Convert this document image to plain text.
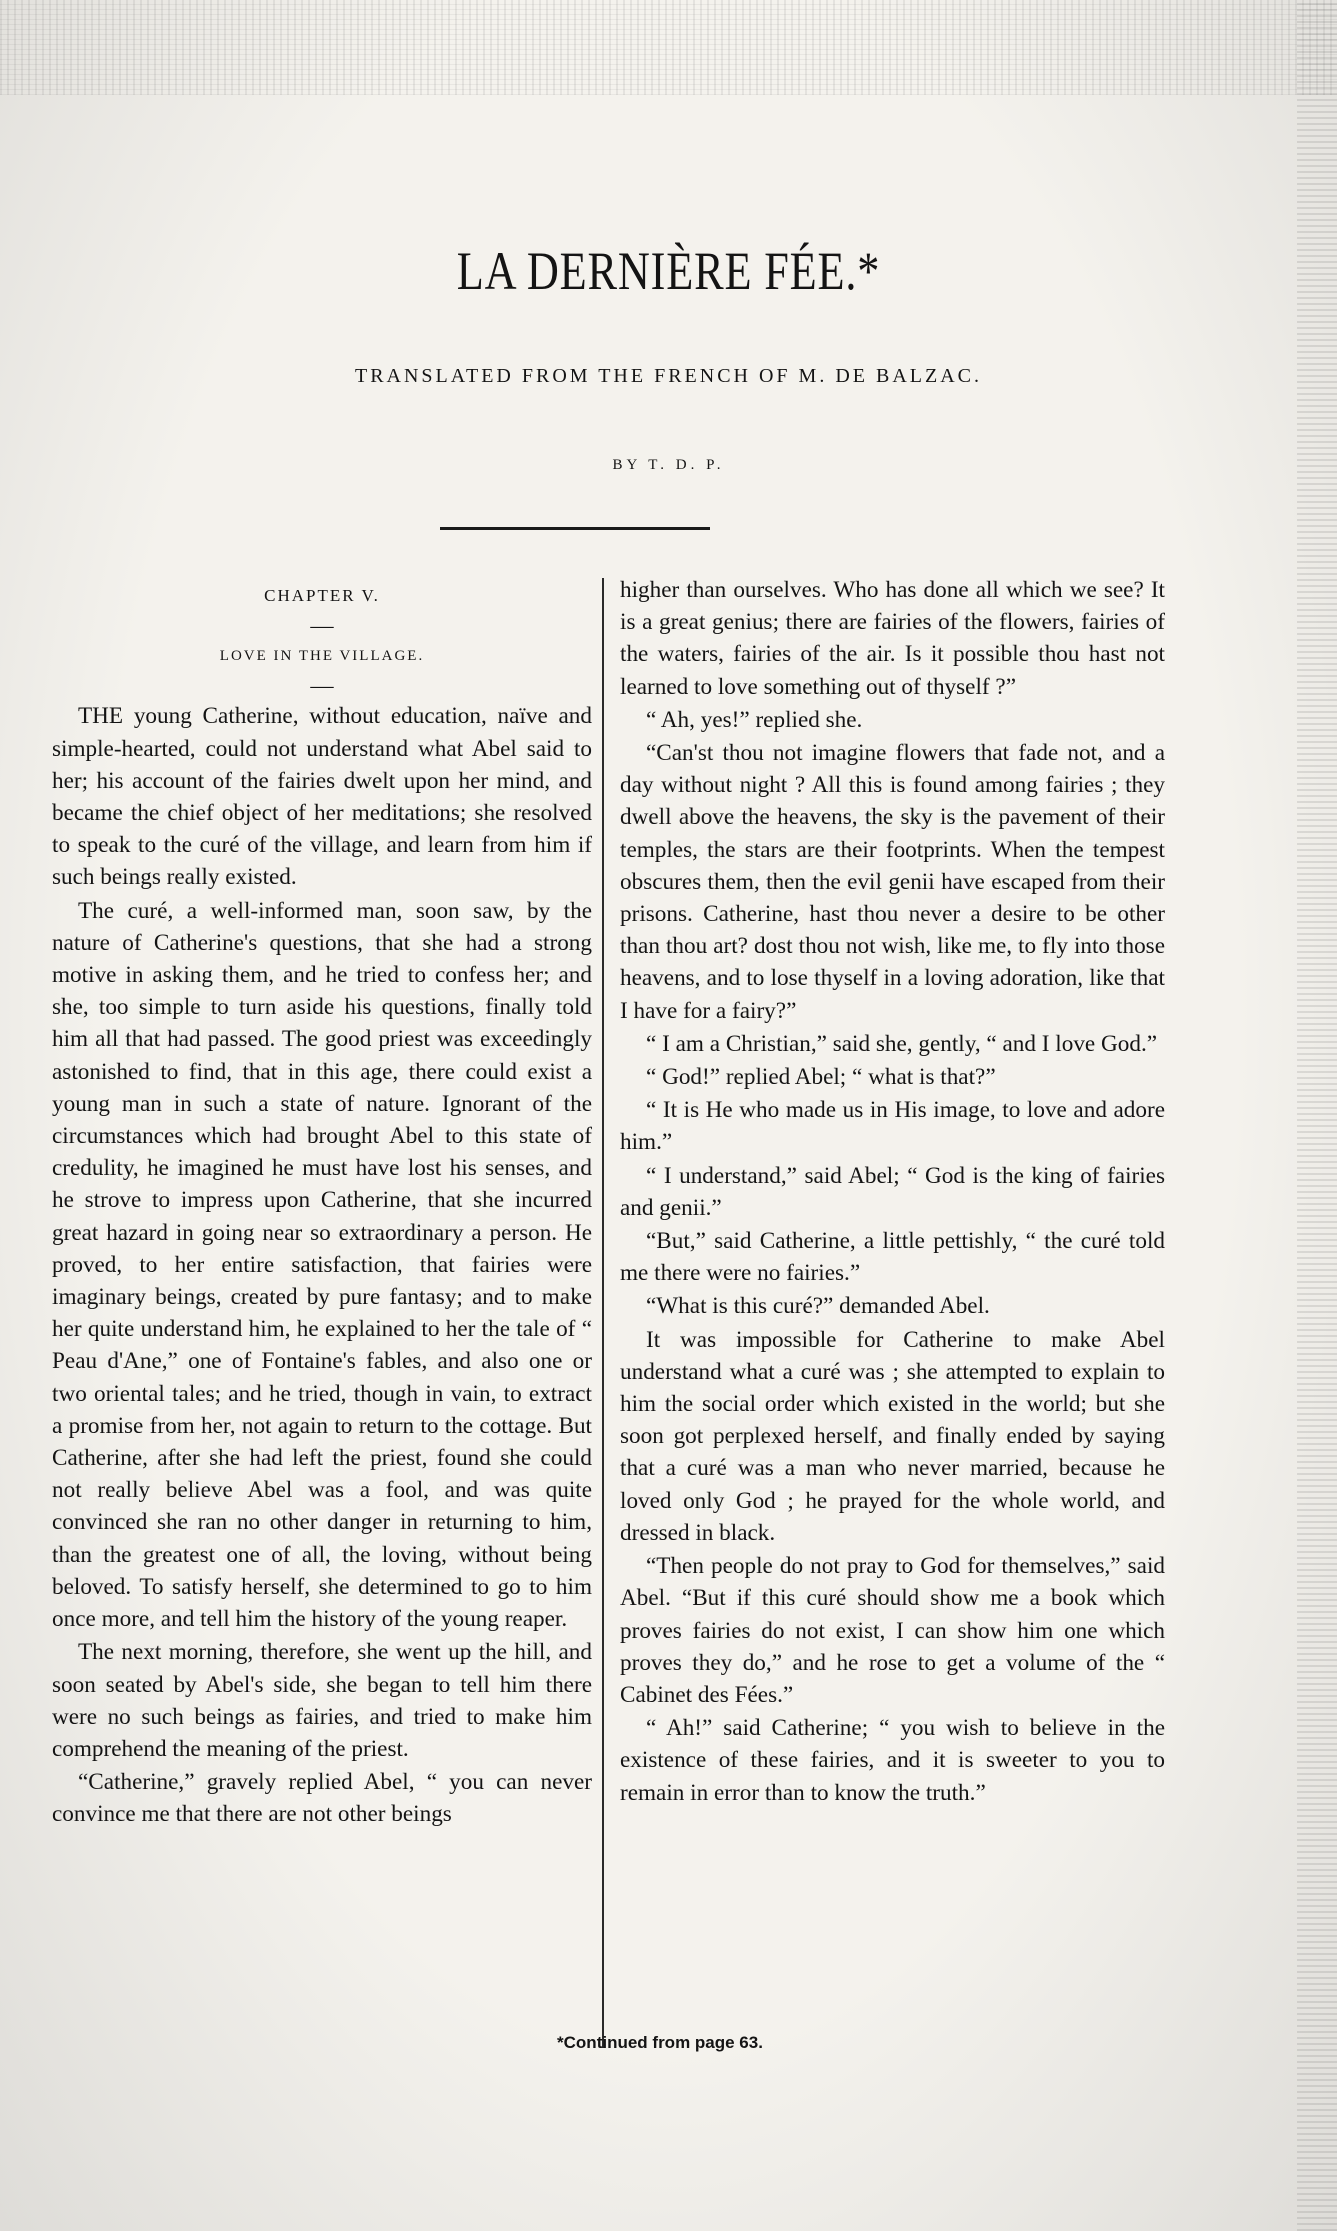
LA DERNIÈRE FÉE.*
TRANSLATED FROM THE FRENCH OF M. DE BALZAC.
BY T. D. P.

CHAPTER V.

—

LOVE IN THE VILLAGE.

—

THE young Catherine, without education, naïve and simple-hearted, could not understand what Abel said to her; his account of the fairies dwelt upon her mind, and became the chief object of her meditations; she resolved to speak to the curé of the village, and learn from him if such beings really existed.

The curé, a well-informed man, soon saw, by the nature of Catherine's questions, that she had a strong motive in asking them, and he tried to confess her; and she, too simple to turn aside his questions, finally told him all that had passed. The good priest was exceedingly astonished to find, that in this age, there could exist a young man in such a state of nature. Ignorant of the circumstances which had brought Abel to this state of credulity, he imagined he must have lost his senses, and he strove to impress upon Catherine, that she incurred great hazard in going near so extraordinary a person. He proved, to her entire satisfaction, that fairies were imaginary beings, created by pure fantasy; and to make her quite understand him, he explained to her the tale of “ Peau d'Ane,” one of Fontaine's fables, and also one or two oriental tales; and he tried, though in vain, to extract a promise from her, not again to return to the cottage. But Catherine, after she had left the priest, found she could not really believe Abel was a fool, and was quite convinced she ran no other danger in returning to him, than the greatest one of all, the loving, without being beloved. To satisfy herself, she determined to go to him once more, and tell him the history of the young reaper.

The next morning, therefore, she went up the hill, and soon seated by Abel's side, she began to tell him there were no such beings as fairies, and tried to make him comprehend the meaning of the priest.

“Catherine,” gravely replied Abel, “ you can never convince me that there are not other beings

higher than ourselves. Who has done all which we see? It is a great genius; there are fairies of the flowers, fairies of the waters, fairies of the air. Is it possible thou hast not learned to love something out of thyself ?”

“ Ah, yes!” replied she.

“Can'st thou not imagine flowers that fade not, and a day without night ? All this is found among fairies ; they dwell above the heavens, the sky is the pavement of their temples, the stars are their footprints. When the tempest obscures them, then the evil genii have escaped from their prisons. Catherine, hast thou never a desire to be other than thou art? dost thou not wish, like me, to fly into those heavens, and to lose thyself in a loving adoration, like that I have for a fairy?”

“ I am a Christian,” said she, gently, “ and I love God.”

“ God!” replied Abel; “ what is that?”

“ It is He who made us in His image, to love and adore him.”

“ I understand,” said Abel; “ God is the king of fairies and genii.”

“But,” said Catherine, a little pettishly, “ the curé told me there were no fairies.”

“What is this curé?” demanded Abel.

It was impossible for Catherine to make Abel understand what a curé was ; she attempted to explain to him the social order which existed in the world; but she soon got perplexed herself, and finally ended by saying that a curé was a man who never married, because he loved only God ; he prayed for the whole world, and dressed in black.

“Then people do not pray to God for themselves,” said Abel. “But if this curé should show me a book which proves fairies do not exist, I can show him one which proves they do,” and he rose to get a volume of the “ Cabinet des Fées.”

“ Ah!” said Catherine; “ you wish to believe in the existence of these fairies, and it is sweeter to you to remain in error than to know the truth.”

*Continued from page 63.
